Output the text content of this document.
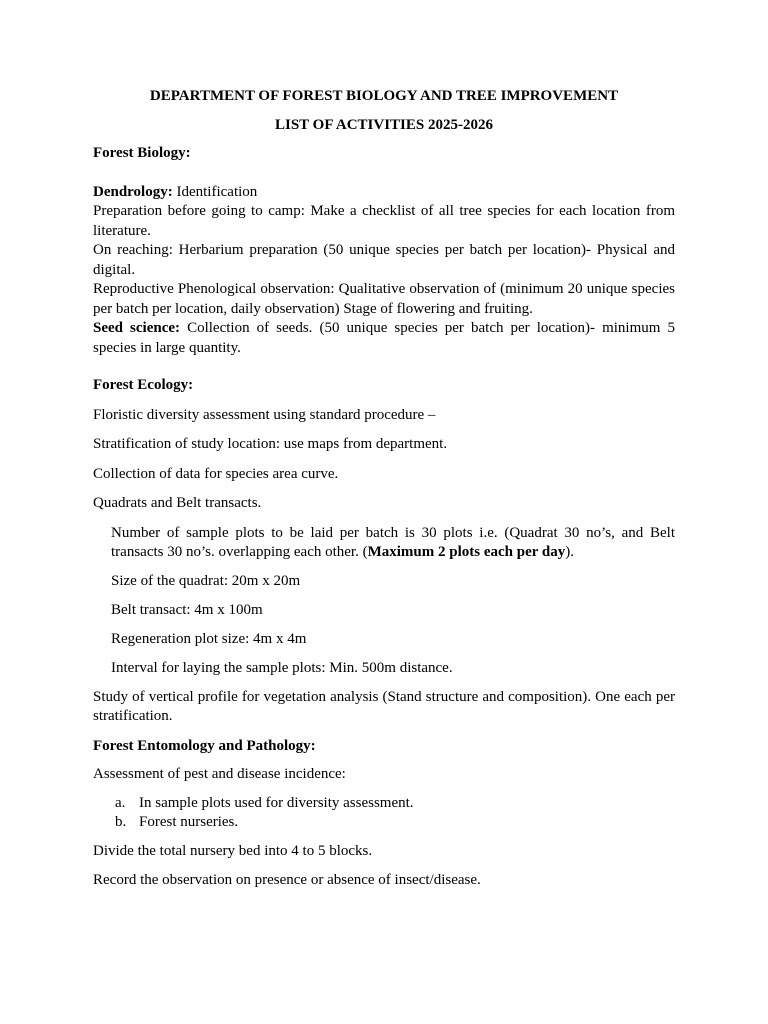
DEPARTMENT OF FOREST BIOLOGY AND TREE IMPROVEMENT

LIST OF ACTIVITIES 2025-2026

Forest Biology:

Dendrology: Identification

Preparation before going to camp: Make a checklist of all tree species for each location from literature.

On reaching: Herbarium preparation (50 unique species per batch per location)- Physical and digital.

Reproductive Phenological observation: Qualitative observation of (minimum 20 unique species per batch per location, daily observation) Stage of flowering and fruiting.

Seed science: Collection of seeds. (50 unique species per batch per location)- minimum 5 species in large quantity.

Forest Ecology:

Floristic diversity assessment using standard procedure –

Stratification of study location: use maps from department.

Collection of data for species area curve.

Quadrats and Belt transacts.

Number of sample plots to be laid per batch is 30 plots i.e. (Quadrat 30 no’s, and Belt transacts 30 no’s. overlapping each other. (Maximum 2 plots each per day).

Size of the quadrat: 20m x 20m

Belt transact: 4m x 100m

Regeneration plot size: 4m x 4m

Interval for laying the sample plots: Min. 500m distance.

Study of vertical profile for vegetation analysis (Stand structure and composition). One each per stratification.

Forest Entomology and Pathology:

Assessment of pest and disease incidence:

a. In sample plots used for diversity assessment.
b. Forest nurseries.

Divide the total nursery bed into 4 to 5 blocks.

Record the observation on presence or absence of insect/disease.
